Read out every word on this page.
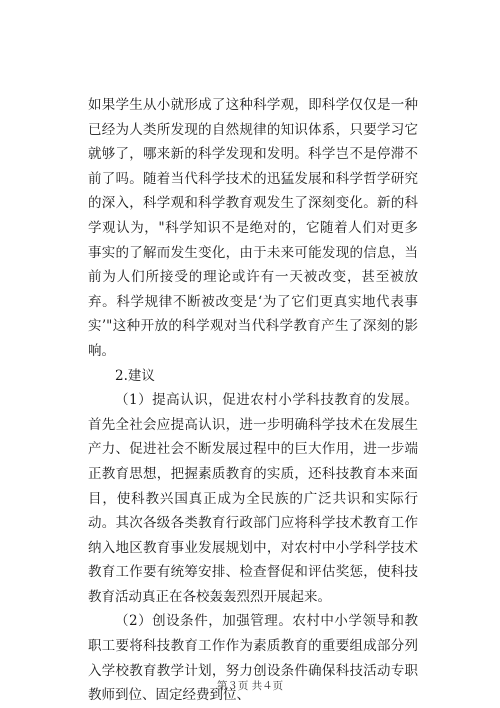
如果学生从小就形成了这种科学观，即科学仅仅是一种已经为人类所发现的自然规律的知识体系，只要学习它就够了，哪来新的科学发现和发明。科学岂不是停滞不前了吗。随着当代科学技术的迅猛发展和科学哲学研究的深入，科学观和科学教育观发生了深刻变化。新的科学观认为，"科学知识不是绝对的，它随着人们对更多事实的了解而发生变化，由于未来可能发现的信息，当前为人们所接受的理论或许有一天被改变，甚至被放弃。科学规律不断被改变是‘为了它们更真实地代表事实’"这种开放的科学观对当代科学教育产生了深刻的影响。

2.建议

（1）提高认识，促进农村小学科技教育的发展。首先全社会应提高认识，进一步明确科学技术在发展生产力、促进社会不断发展过程中的巨大作用，进一步端正教育思想，把握素质教育的实质，还科技教育本来面目，使科教兴国真正成为全民族的广泛共识和实际行动。其次各级各类教育行政部门应将科学技术教育工作纳入地区教育事业发展规划中，对农村中小学科学技术教育工作要有统筹安排、检查督促和评估奖惩，使科技教育活动真正在各校轰轰烈烈开展起来。

（2）创设条件，加强管理。农村中小学领导和教职工要将科技教育工作作为素质教育的重要组成部分列入学校教育教学计划，努力创设条件确保科技活动专职教师到位、固定经费到位、

第３页 共４页
